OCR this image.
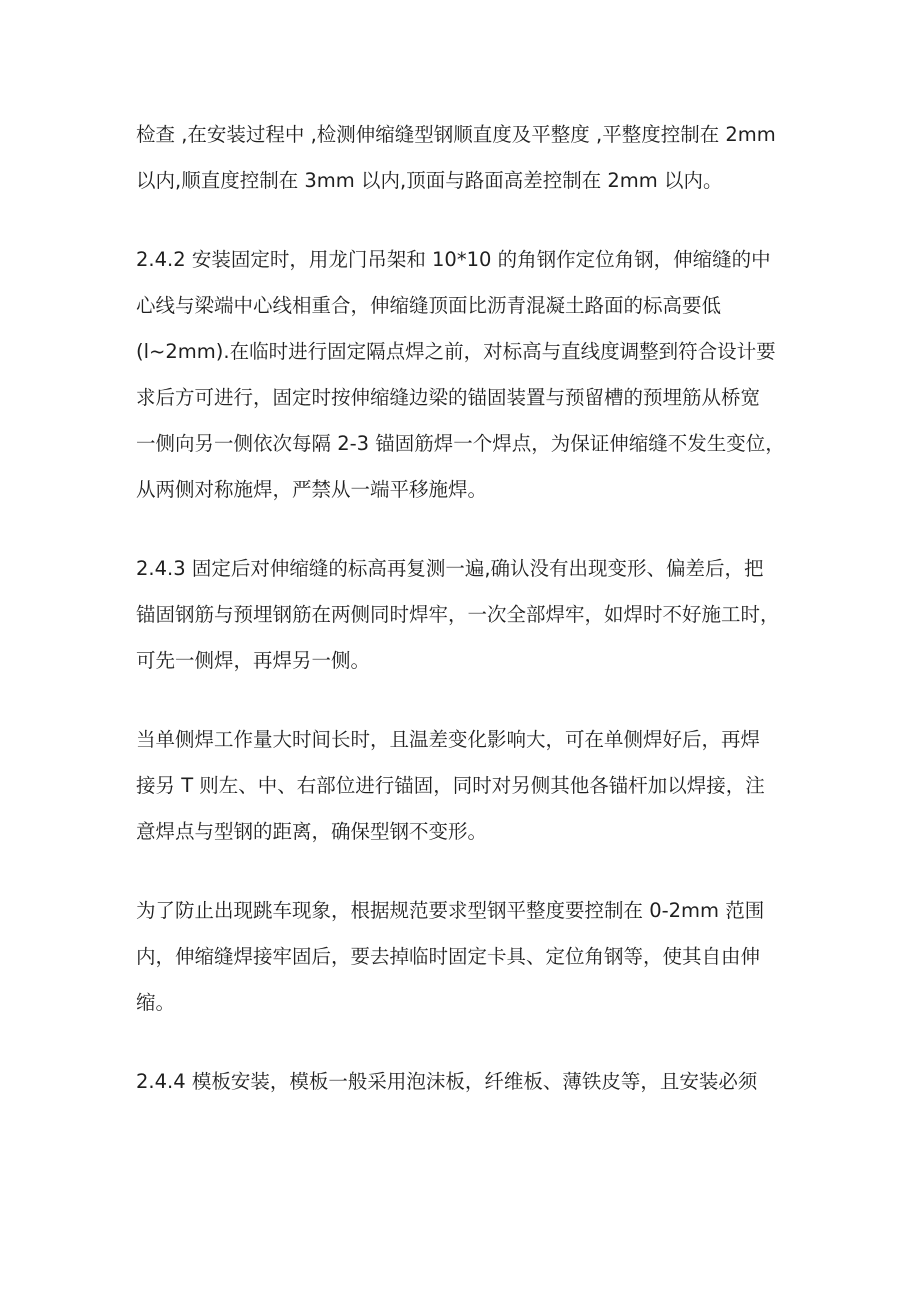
检查 ,在安装过程中 ,检测伸缩缝型钢顺直度及平整度 ,平整度控制在 2mm
以内,顺直度控制在 3mm 以内,顶面与路面高差控制在 2mm 以内。

2.4.2 安装固定时，用龙门吊架和 10*10 的角钢作定位角钢，伸缩缝的中
心线与梁端中心线相重合，伸缩缝顶面比沥青混凝土路面的标高要低
(l~2mm).在临时进行固定隔点焊之前，对标高与直线度调整到符合设计要
求后方可进行，固定时按伸缩缝边梁的锚固装置与预留槽的预埋筋从桥宽
一侧向另一侧依次每隔 2-3 锚固筋焊一个焊点，为保证伸缩缝不发生变位，
从两侧对称施焊，严禁从一端平移施焊。

2.4.3 固定后对伸缩缝的标高再复测一遍,确认没有出现变形、偏差后，把
锚固钢筋与预埋钢筋在两侧同时焊牢，一次全部焊牢，如焊时不好施工时，
可先一侧焊，再焊另一侧。

当单侧焊工作量大时间长时，且温差变化影响大，可在单侧焊好后，再焊
接另 T 则左、中、右部位进行锚固，同时对另侧其他各锚杆加以焊接，注
意焊点与型钢的距离，确保型钢不变形。

为了防止出现跳车现象，根据规范要求型钢平整度要控制在 0-2mm 范围
内，伸缩缝焊接牢固后，要去掉临时固定卡具、定位角钢等，使其自由伸
缩。

2.4.4 模板安装，模板一般采用泡沫板，纤维板、薄铁皮等，且安装必须
